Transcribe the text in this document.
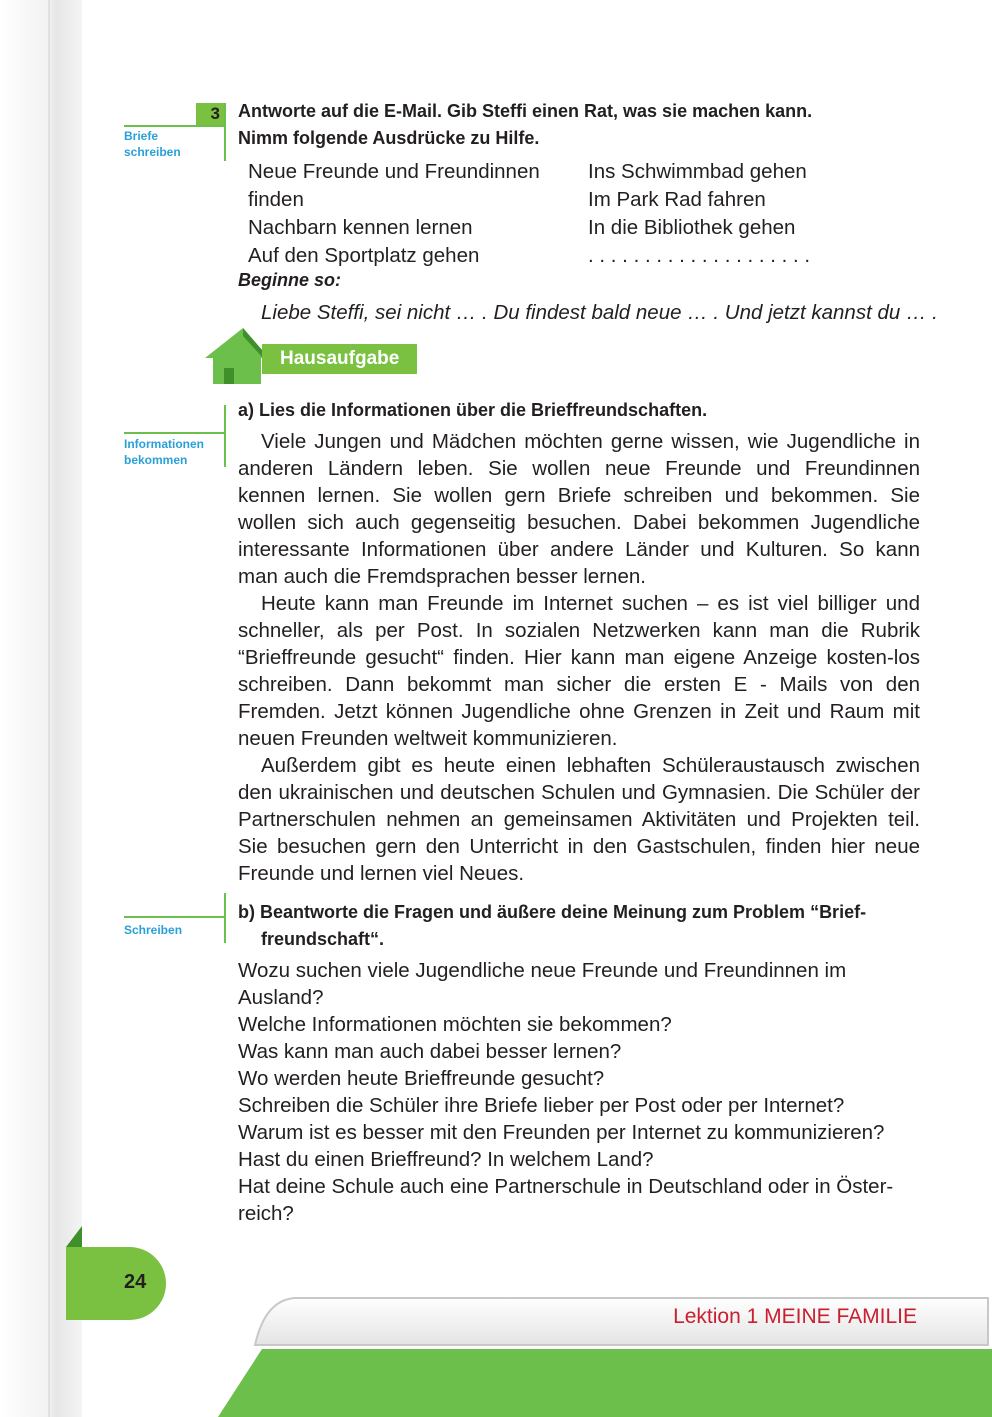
3
Briefe
schreiben
Antworte auf die E-Mail. Gib Steffi einen Rat, was sie machen kann.
Nimm folgende Ausdrücke zu Hilfe.
Neue Freunde und Freundinnen	Ins Schwimmbad gehen
finden	Im Park Rad fahren
Nachbarn kennen lernen	In die Bibliothek gehen
Auf den Sportplatz gehen	. . . . . . . . . . . . . . . . . . . .
Beginne so:
Liebe Steffi, sei nicht … . Du findest bald neue … . Und jetzt kannst du … .
Hausaufgabe
Informationen
bekommen
a) Lies die Informationen über die Brieffreundschaften.

Viele Jungen und Mädchen möchten gerne wissen, wie Jugendliche in anderen Ländern leben. Sie wollen neue Freunde und Freundinnen kennen lernen. Sie wollen gern Briefe schreiben und bekommen. Sie wollen sich auch gegenseitig besuchen. Dabei bekommen Jugendliche interessante Informationen über andere Länder und Kulturen. So kann man auch die Fremdsprachen besser lernen.

Heute kann man Freunde im Internet suchen – es ist viel billiger und schneller, als per Post. In sozialen Netzwerken kann man die Rubrik “Brieffreunde gesucht“ finden. Hier kann man eigene Anzeige kosten-los schreiben. Dann bekommt man sicher die ersten E - Mails von den Fremden. Jetzt können Jugendliche ohne Grenzen in Zeit und Raum mit neuen Freunden weltweit kommunizieren.

Außerdem gibt es heute einen lebhaften Schüleraustausch zwischen den ukrainischen und deutschen Schulen und Gymnasien. Die Schüler der Partnerschulen nehmen an gemeinsamen Aktivitäten und Projekten teil. Sie besuchen gern den Unterricht in den Gastschulen, finden hier neue Freunde und lernen viel Neues.

Schreiben
b) Beantworte die Fragen und äußere deine Meinung zum Problem “Brief-
freundschaft“.
Wozu suchen viele Jugendliche neue Freunde und Freundinnen im Ausland?
Welche Informationen möchten sie bekommen?
Was kann man auch dabei besser lernen?
Wo werden heute Brieffreunde gesucht?
Schreiben die Schüler ihre Briefe lieber per Post oder per Internet?
Warum ist es besser mit den Freunden per Internet zu kommunizieren?
Hast du einen Brieffreund? In welchem Land?
Hat deine Schule auch eine Partnerschule in Deutschland oder in Öster-reich?
24
Lektion 1 MEINE FAMILIE
